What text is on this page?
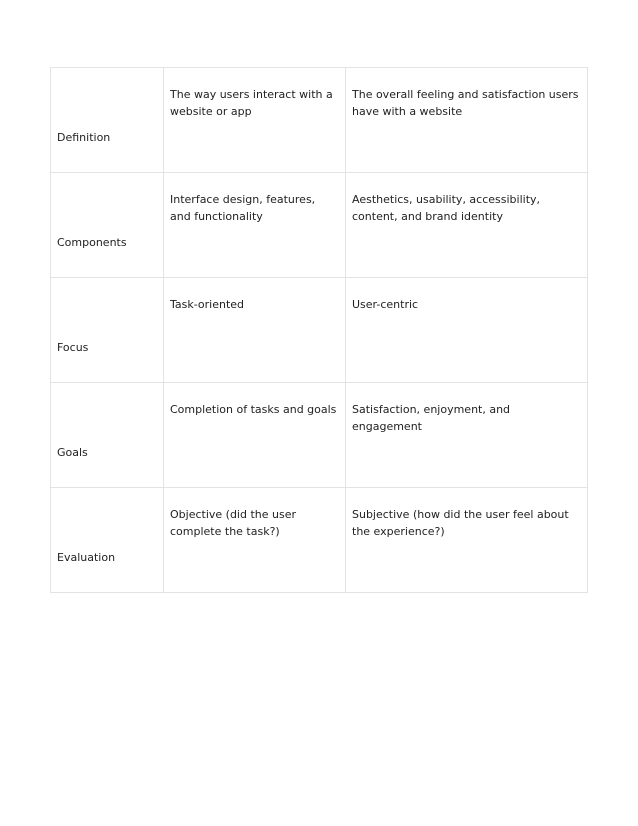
Definition	The way users interact with a website or app	The overall feeling and satisfaction users have with a website

Components	Interface design, features, and functionality	Aesthetics, usability, accessibility, content, and brand identity

Focus	Task-oriented	User-centric

Goals	Completion of tasks and goals	Satisfaction, enjoyment, and engagement

Evaluation	Objective (did the user complete the task?)	Subjective (how did the user feel about the experience?)
